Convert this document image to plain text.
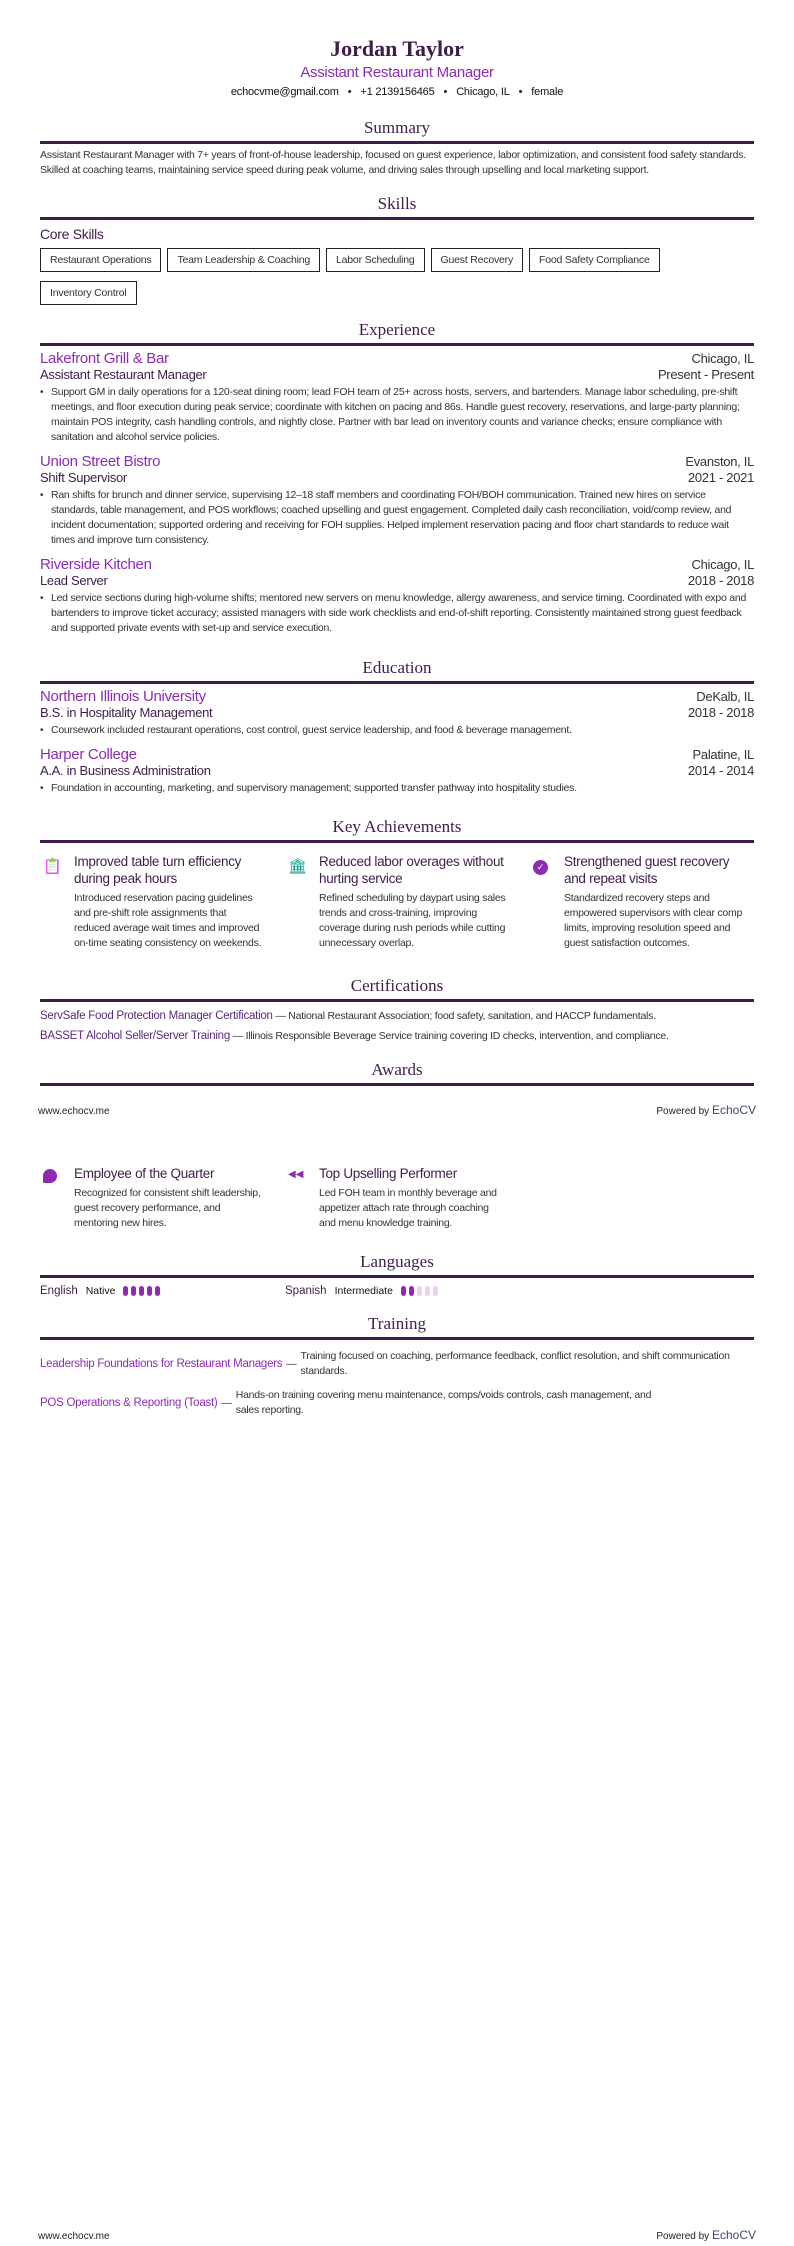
Jordan Taylor
Assistant Restaurant Manager
echocvme@gmail.com • +1 2139156465 • Chicago, IL • female
Summary
Assistant Restaurant Manager with 7+ years of front-of-house leadership, focused on guest experience, labor optimization, and consistent food safety standards. Skilled at coaching teams, maintaining service speed during peak volume, and driving sales through upselling and local marketing support.
Skills
Core Skills
Restaurant Operations	Team Leadership & Coaching	Labor Scheduling	Guest Recovery	Food Safety Compliance
Inventory Control
Experience
Lakefront Grill & Bar	Chicago, IL
Assistant Restaurant Manager	Present - Present
• Support GM in daily operations for a 120-seat dining room; lead FOH team of 25+ across hosts, servers, and bartenders. Manage labor scheduling, pre-shift meetings, and floor execution during peak service; coordinate with kitchen on pacing and 86s. Handle guest recovery, reservations, and large-party planning; maintain POS integrity, cash handling controls, and nightly close. Partner with bar lead on inventory counts and variance checks; ensure compliance with sanitation and alcohol service policies.
Union Street Bistro	Evanston, IL
Shift Supervisor	2021 - 2021
• Ran shifts for brunch and dinner service, supervising 12–18 staff members and coordinating FOH/BOH communication. Trained new hires on service standards, table management, and POS workflows; coached upselling and guest engagement. Completed daily cash reconciliation, void/comp review, and incident documentation; supported ordering and receiving for FOH supplies. Helped implement reservation pacing and floor chart standards to reduce wait times and improve turn consistency.
Riverside Kitchen	Chicago, IL
Lead Server	2018 - 2018
• Led service sections during high-volume shifts; mentored new servers on menu knowledge, allergy awareness, and service timing. Coordinated with expo and bartenders to improve ticket accuracy; assisted managers with side work checklists and end-of-shift reporting. Consistently maintained strong guest feedback and supported private events with set-up and service execution.
Education
Northern Illinois University	DeKalb, IL
B.S. in Hospitality Management	2018 - 2018
• Coursework included restaurant operations, cost control, guest service leadership, and food & beverage management.
Harper College	Palatine, IL
A.A. in Business Administration	2014 - 2014
• Foundation in accounting, marketing, and supervisory management; supported transfer pathway into hospitality studies.
Key Achievements
📋 Improved table turn efficiency during peak hours
Introduced reservation pacing guidelines and pre-shift role assignments that reduced average wait times and improved on-time seating consistency on weekends.
🏛 Reduced labor overages without hurting service
Refined scheduling by daypart using sales trends and cross-training, improving coverage during rush periods while cutting unnecessary overlap.
✓	Strengthened guest recovery and repeat visits
Standardized recovery steps and empowered supervisors with clear comp limits, improving resolution speed and guest satisfaction outcomes.
Certifications
ServSafe Food Protection Manager Certification — National Restaurant Association; food safety, sanitation, and HACCP fundamentals.
BASSET Alcohol Seller/Server Training — Illinois Responsible Beverage Service training covering ID checks, intervention, and compliance.
Awards
www.echocv.me	Powered by EchoCV
Employee of the Quarter
Recognized for consistent shift leadership, guest recovery performance, and mentoring new hires.
◀◀	Top Upselling Performer
Led FOH team in monthly beverage and appetizer attach rate through coaching and menu knowledge training.
Languages
English Native	Spanish Intermediate
Training
Leadership Foundations for Restaurant Managers —
Training focused on coaching, performance feedback, conflict resolution, and shift communication standards.
POS Operations & Reporting (Toast) —
Hands-on training covering menu maintenance, comps/voids controls, cash management, and sales reporting.
www.echocv.me	Powered by EchoCV
